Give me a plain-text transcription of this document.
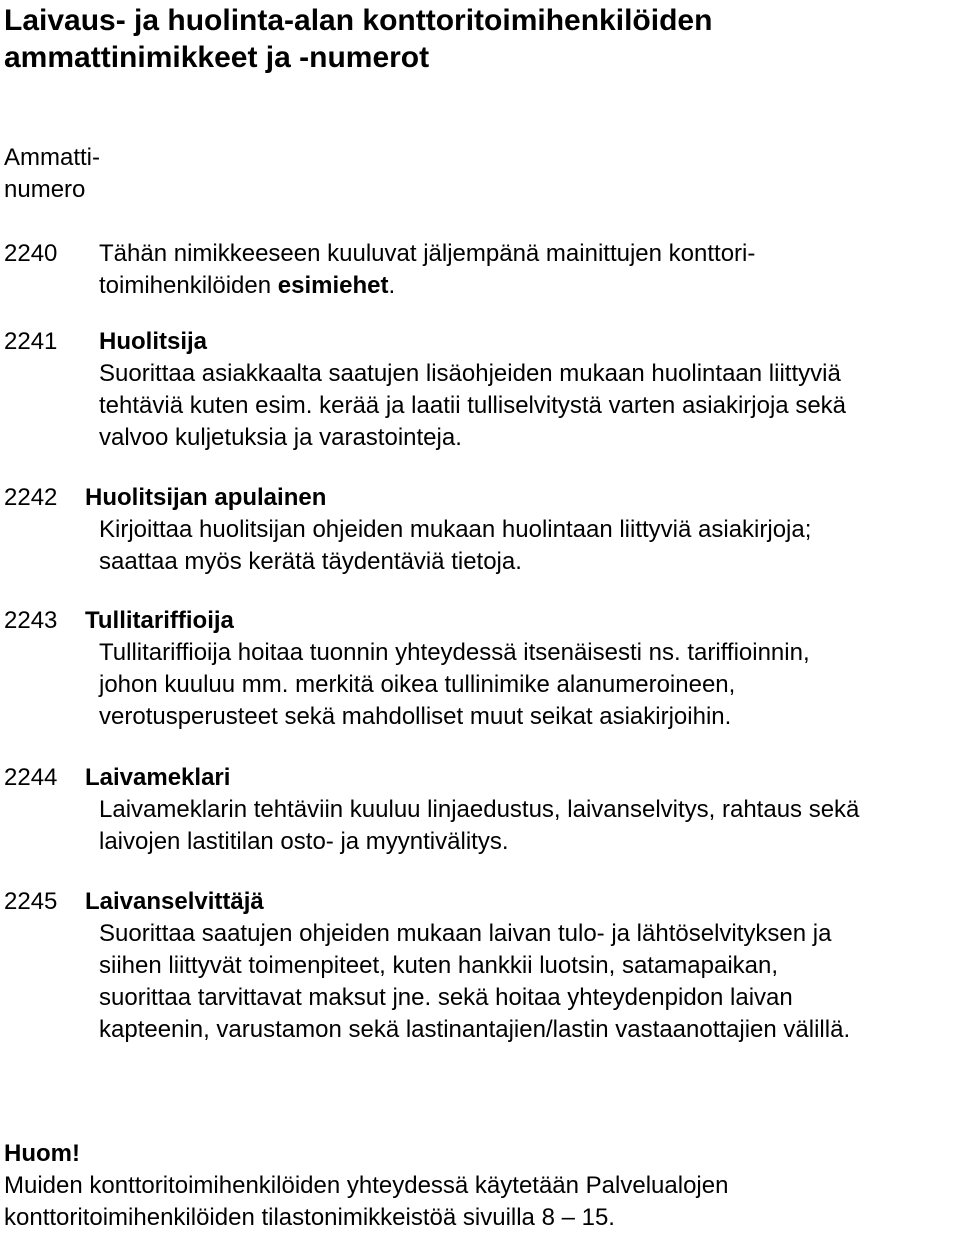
Laivaus- ja huolinta-alan konttoritoimihenkilöiden
ammattinimikkeet ja -numerot
Ammatti-
numero
2240 Tähän nimikkeeseen kuuluvat jäljempänä mainittujen konttori-
toimihenkilöiden esimiehet.
2241 Huolitsija
Suorittaa asiakkaalta saatujen lisäohjeiden mukaan huolintaan liittyviä
tehtäviä kuten esim. kerää ja laatii tulliselvitystä varten asiakirjoja sekä
valvoo kuljetuksia ja varastointeja.
2242 Huolitsijan apulainen
Kirjoittaa huolitsijan ohjeiden mukaan huolintaan liittyviä asiakirjoja;
saattaa myös kerätä täydentäviä tietoja.
2243 Tullitariffioija
Tullitariffioija hoitaa tuonnin yhteydessä itsenäisesti ns. tariffioinnin,
johon kuuluu mm. merkitä oikea tullinimike alanumeroineen,
verotusperusteet sekä mahdolliset muut seikat asiakirjoihin.
2244 Laivameklari
Laivameklarin tehtäviin kuuluu linjaedustus, laivanselvitys, rahtaus sekä
laivojen lastitilan osto- ja myyntivälitys.
2245 Laivanselvittäjä
Suorittaa saatujen ohjeiden mukaan laivan tulo- ja lähtöselvityksen ja
siihen liittyvät toimenpiteet, kuten hankkii luotsin, satamapaikan,
suorittaa tarvittavat maksut jne. sekä hoitaa yhteydenpidon laivan
kapteenin, varustamon sekä lastinantajien/lastin vastaanottajien välillä.
Huom!
Muiden konttoritoimihenkilöiden yhteydessä käytetään Palvelualojen
konttoritoimihenkilöiden tilastonimikkeistöä sivuilla 8 – 15.
